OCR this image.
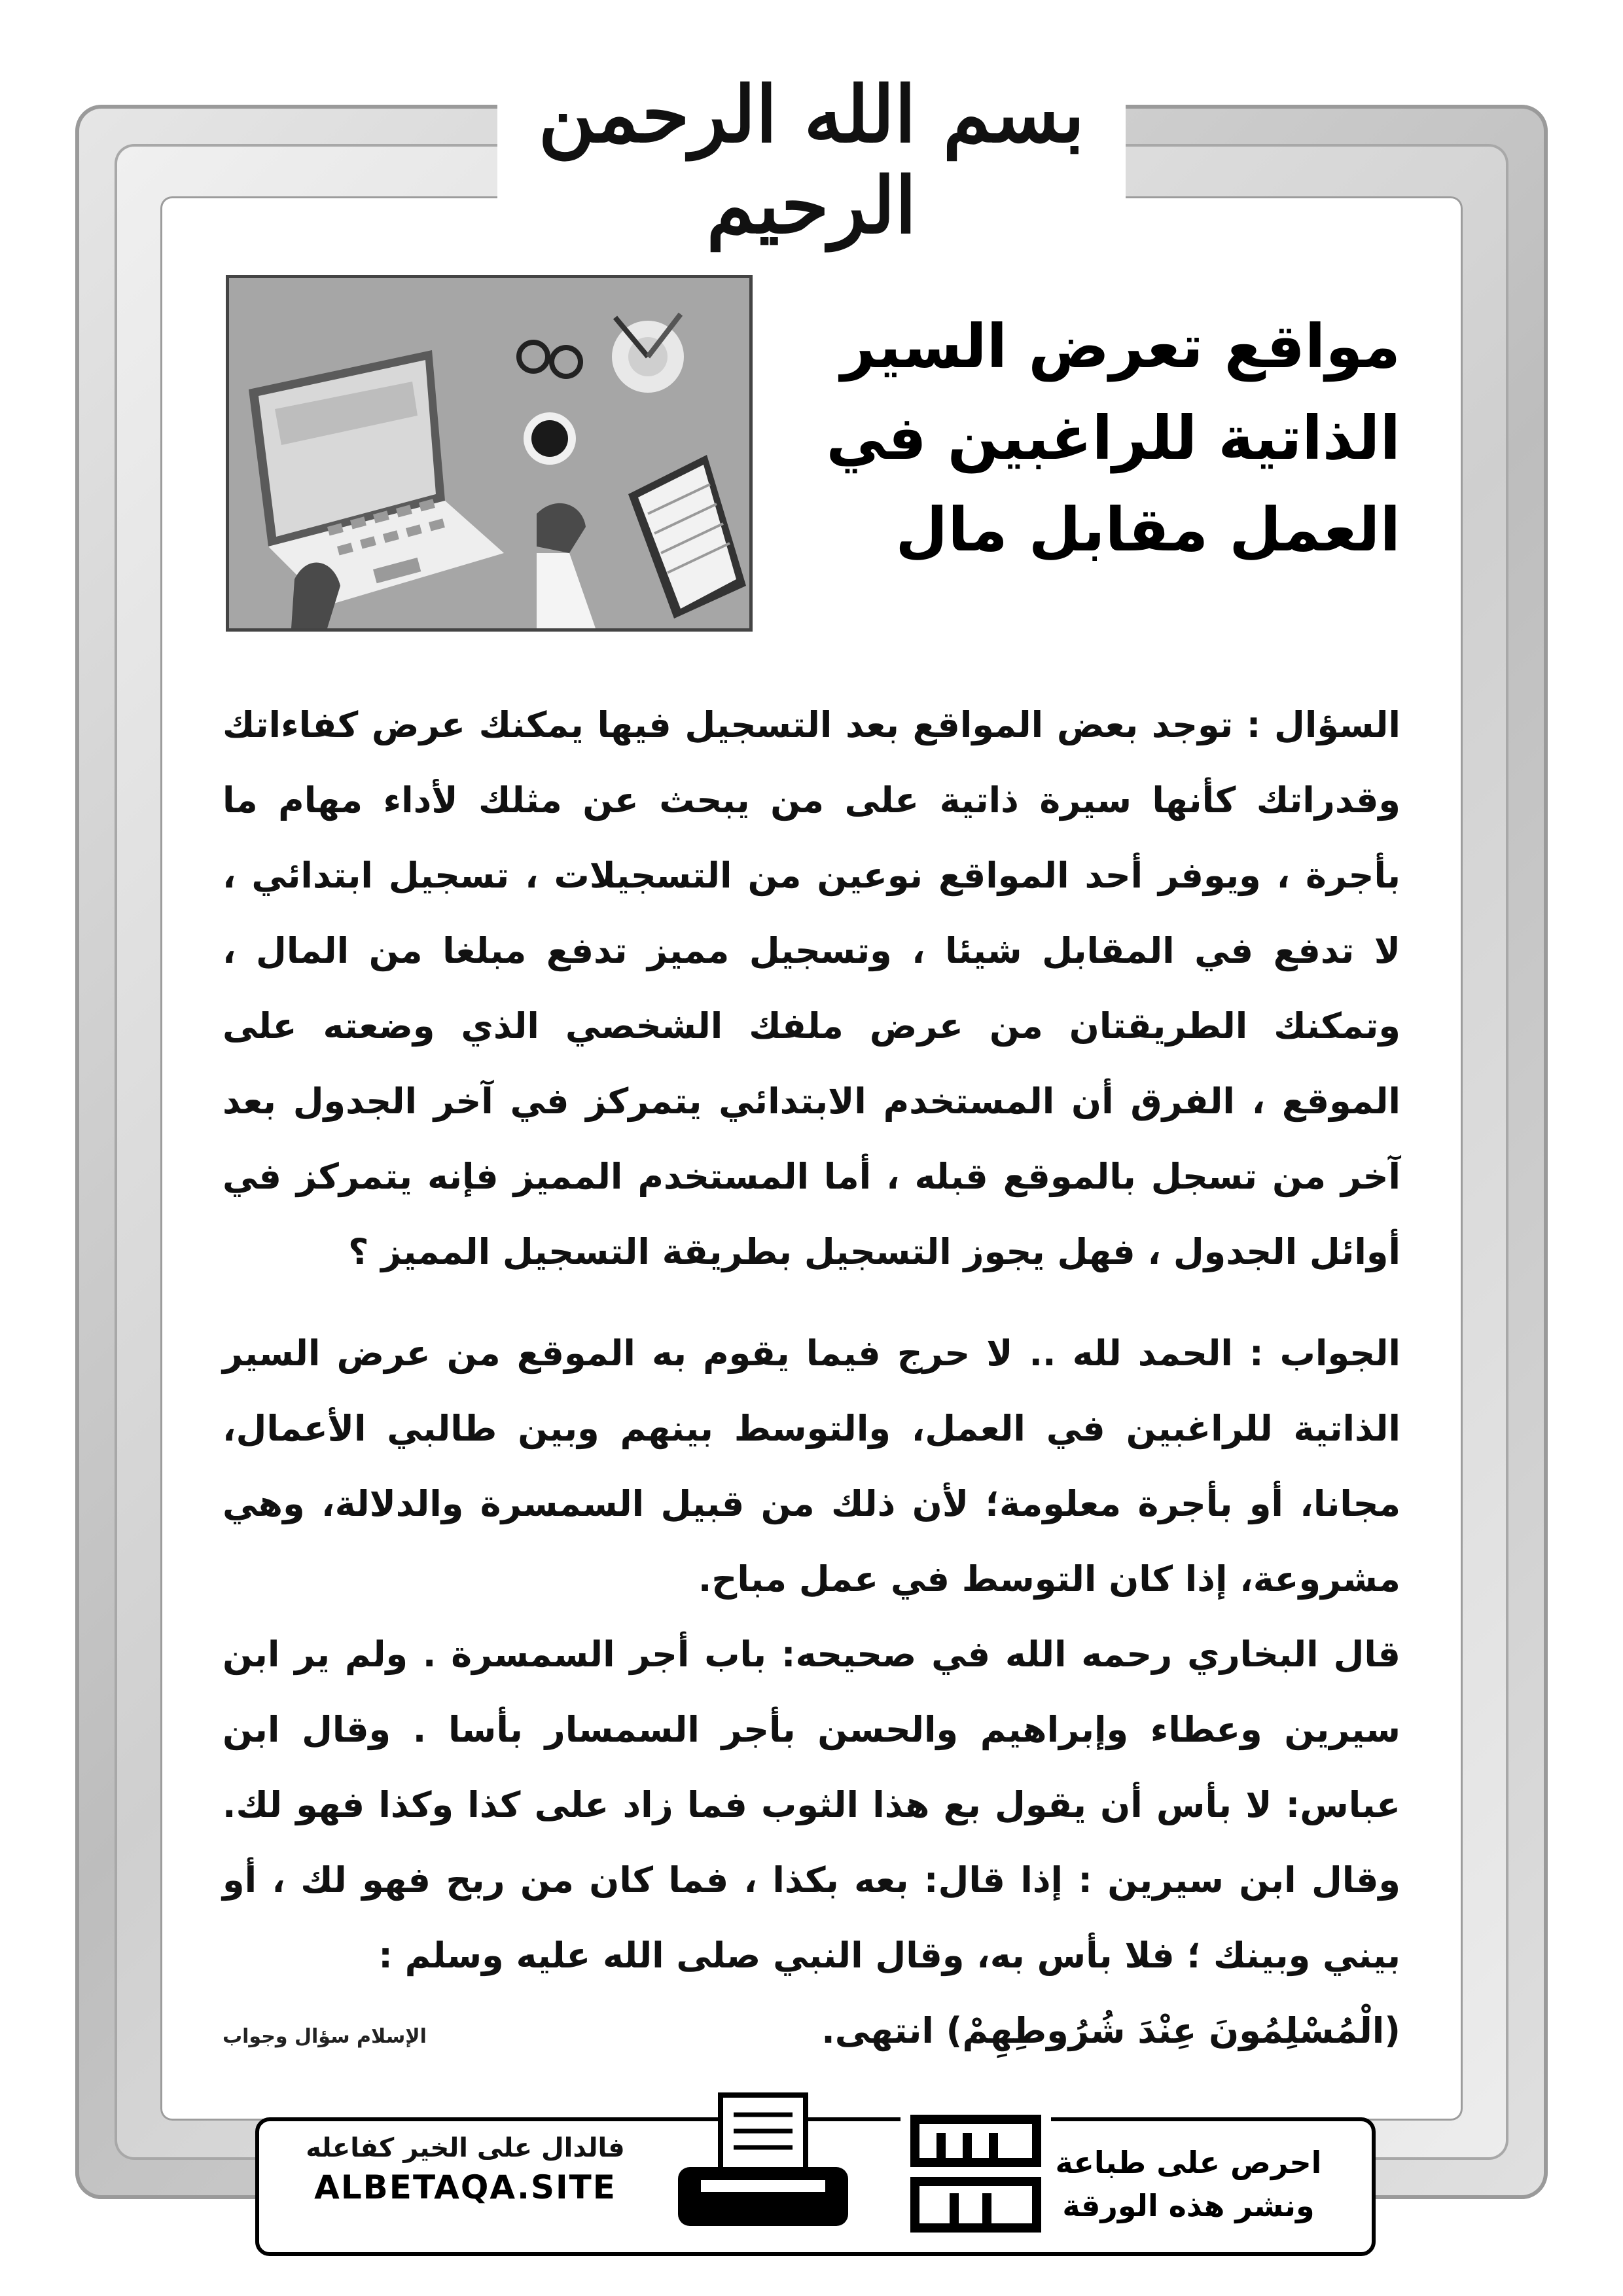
بسم الله الرحمن الرحيم
مواقع تعرض السير
الذاتية للراغبين في
العمل مقابل مال

السؤال : توجد بعض المواقع بعد التسجيل فيها يمكنك عرض كفاءاتك وقدراتك كأنها سيرة ذاتية على من يبحث عن مثلك لأداء مهام ما بأجرة ، ويوفر أحد المواقع نوعين من التسجيلات ، تسجيل ابتدائي ، لا تدفع في المقابل شيئا ، وتسجيل مميز تدفع مبلغا من المال ، وتمكنك الطريقتان من عرض ملفك الشخصي الذي وضعته على الموقع ، الفرق أن المستخدم الابتدائي يتمركز في آخر الجدول بعد آخر من تسجل بالموقع قبله ، أما المستخدم المميز فإنه يتمركز في أوائل الجدول ، فهل يجوز التسجيل بطريقة التسجيل المميز ؟

الجواب : الحمد لله .. لا حرج فيما يقوم به الموقع من عرض السير الذاتية للراغبين في العمل، والتوسط بينهم وبين طالبي الأعمال، مجانا، أو بأجرة معلومة؛ لأن ذلك من قبيل السمسرة والدلالة، وهي مشروعة، إذا كان التوسط في عمل مباح.

قال البخاري رحمه الله في صحيحه: باب أجر السمسرة . ولم ير ابن سيرين وعطاء وإبراهيم والحسن بأجر السمسار بأسا . وقال ابن عباس: لا بأس أن يقول بع هذا الثوب فما زاد على كذا وكذا فهو لك. وقال ابن سيرين : إذا قال: بعه بكذا ، فما كان من ربح فهو لك ، أو بيني وبينك ؛ فلا بأس به، وقال النبي صلى الله عليه وسلم :

(الْمُسْلِمُونَ عِنْدَ شُرُوطِهِمْ) انتهى.
الإسلام سؤال وجواب
فالدال على الخير كفاعله
ALBETAQA.SITE
احرص على طباعة
ونشر هذه الورقة
